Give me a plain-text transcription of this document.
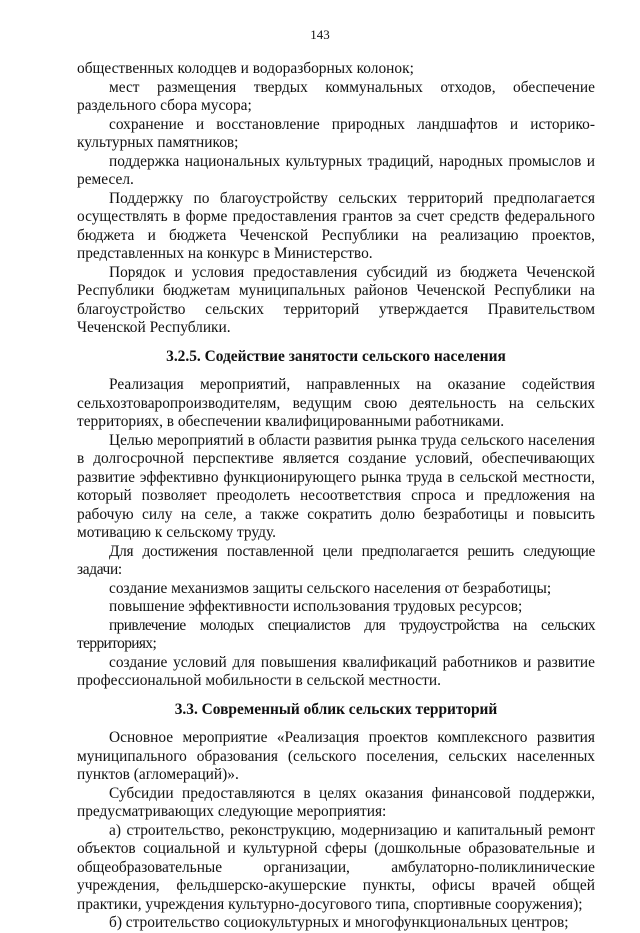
143

общественных колодцев и водоразборных колонок;

мест размещения твердых коммунальных отходов, обеспечение раздельного сбора мусора;

сохранение и восстановление природных ландшафтов и историко-культурных памятников;

поддержка национальных культурных традиций, народных промыслов и ремесел.

Поддержку по благоустройству сельских территорий предполагается осуществлять в форме предоставления грантов за счет средств федерального бюджета и бюджета Чеченской Республики на реализацию проектов, представленных на конкурс в Министерство.

Порядок и условия предоставления субсидий из бюджета Чеченской Республики бюджетам муниципальных районов Чеченской Республики на благоустройство сельских территорий утверждается Правительством Чеченской Республики.

3.2.5. Содействие занятости сельского населения

Реализация мероприятий, направленных на оказание содействия сельхозтоваропроизводителям, ведущим свою деятельность на сельских территориях, в обеспечении квалифицированными работниками.

Целью мероприятий в области развития рынка труда сельского населения в долгосрочной перспективе является создание условий, обеспечивающих развитие эффективно функционирующего рынка труда в сельской местности, который позволяет преодолеть несоответствия спроса и предложения на рабочую силу на селе, а также сократить долю безработицы и повысить мотивацию к сельскому труду.

Для достижения поставленной цели предполагается решить следующие задачи:

создание механизмов защиты сельского населения от безработицы;

повышение эффективности использования трудовых ресурсов;

привлечение молодых специалистов для трудоустройства на сельских территориях;

создание условий для повышения квалификаций работников и развитие профессиональной мобильности в сельской местности.

3.3. Современный облик сельских территорий

Основное мероприятие «Реализация проектов комплексного развития муниципального образования (сельского поселения, сельских населенных пунктов (агломераций)».

Субсидии предоставляются в целях оказания финансовой поддержки, предусматривающих следующие мероприятия:

а) строительство, реконструкцию, модернизацию и капитальный ремонт объектов социальной и культурной сферы (дошкольные образовательные и общеобразовательные организации, амбулаторно-поликлинические учреждения, фельдшерско-акушерские пункты, офисы врачей общей практики, учреждения культурно-досугового типа, спортивные сооружения);

б) строительство социокультурных и многофункциональных центров;
